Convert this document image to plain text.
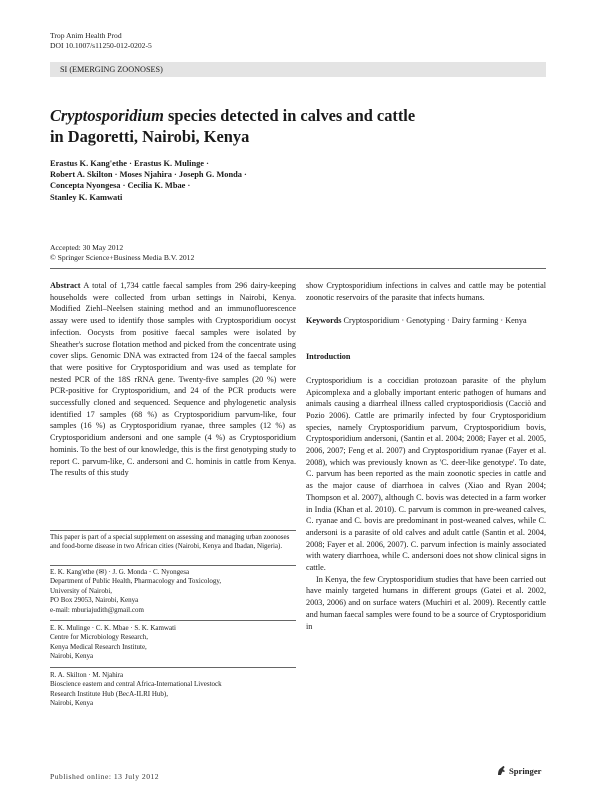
Trop Anim Health Prod
DOI 10.1007/s11250-012-0202-5
SI (EMERGING ZOONOSES)
Cryptosporidium species detected in calves and cattle
in Dagoretti, Nairobi, Kenya
Erastus K. Kang'ethe · Erastus K. Mulinge ·
Robert A. Skilton · Moses Njahira · Joseph G. Monda ·
Concepta Nyongesa · Cecilia K. Mbae ·
Stanley K. Kamwati
Accepted: 30 May 2012
© Springer Science+Business Media B.V. 2012

Abstract A total of 1,734 cattle faecal samples from 296 dairy-keeping households were collected from urban settings in Nairobi, Kenya. Modified Ziehl–Neelsen staining method and an immunofluorescence assay were used to identify those samples with Cryptosporidium oocyst infection. Oocysts from positive faecal samples were isolated by Sheather's sucrose flotation method and picked from the concentrate using cover slips. Genomic DNA was extracted from 124 of the faecal samples that were positive for Cryptosporidium and was used as template for nested PCR of the 18S rRNA gene. Twenty-five samples (20 %) were PCR-positive for Cryptosporidium, and 24 of the PCR products were successfully cloned and sequenced. Sequence and phylogenetic analysis identified 17 samples (68 %) as Cryptosporidium parvum-like, four samples (16 %) as Cryptosporidium ryanae, three samples (12 %) as Cryptosporidium andersoni and one sample (4 %) as Cryptosporidium hominis. To the best of our knowledge, this is the first genotyping study to report C. parvum-like, C. andersoni and C. hominis in cattle from Kenya. The results of this study

This paper is part of a special supplement on assessing and managing urban zoonoses and food-borne disease in two African cities (Nairobi, Kenya and Ibadan, Nigeria).
E. K. Kang'ethe (✉) · J. G. Monda · C. Nyongesa
Department of Public Health, Pharmacology and Toxicology,
University of Nairobi,
PO Box 29053, Nairobi, Kenya
e-mail: mburiajudith@gmail.com
E. K. Mulinge · C. K. Mbae · S. K. Kamwati
Centre for Microbiology Research,
Kenya Medical Research Institute,
Nairobi, Kenya
R. A. Skilton · M. Njahira
Bioscience eastern and central Africa-International Livestock
Research Institute Hub (BecA-ILRI Hub),
Nairobi, Kenya

show Cryptosporidium infections in calves and cattle may be potential zoonotic reservoirs of the parasite that infects humans.

Keywords Cryptosporidium · Genotyping · Dairy farming · Kenya

Introduction

Cryptosporidium is a coccidian protozoan parasite of the phylum Apicomplexa and a globally important enteric pathogen of humans and animals causing a diarrheal illness called cryptosporidiosis (Cacciò and Pozio 2006). Cattle are primarily infected by four Cryptosporidium species, namely Cryptosporidium parvum, Cryptosporidium bovis, Cryptosporidium andersoni, (Santin et al. 2004; 2008; Fayer et al. 2005, 2006, 2007; Feng et al. 2007) and Cryptosporidium ryanae (Fayer et al. 2008), which was previously known as 'C. deer-like genotype'. To date, C. parvum has been reported as the main zoonotic species in cattle and as the major cause of diarrhoea in calves (Xiao and Ryan 2004; Thompson et al. 2007), although C. bovis was detected in a farm worker in India (Khan et al. 2010). C. parvum is common in pre-weaned calves, C. ryanae and C. bovis are predominant in post-weaned calves, while C. andersoni is a parasite of old calves and adult cattle (Santin et al. 2004, 2008; Fayer et al. 2006, 2007). C. parvum infection is mainly associated with watery diarrhoea, while C. andersoni does not show clinical signs in cattle.

In Kenya, the few Cryptosporidium studies that have been carried out have mainly targeted humans in different groups (Gatei et al. 2002, 2003, 2006) and on surface waters (Muchiri et al. 2009). Recently cattle and human faecal samples were found to be a source of Cryptosporidium in

Published online: 13 July 2012
Springer
